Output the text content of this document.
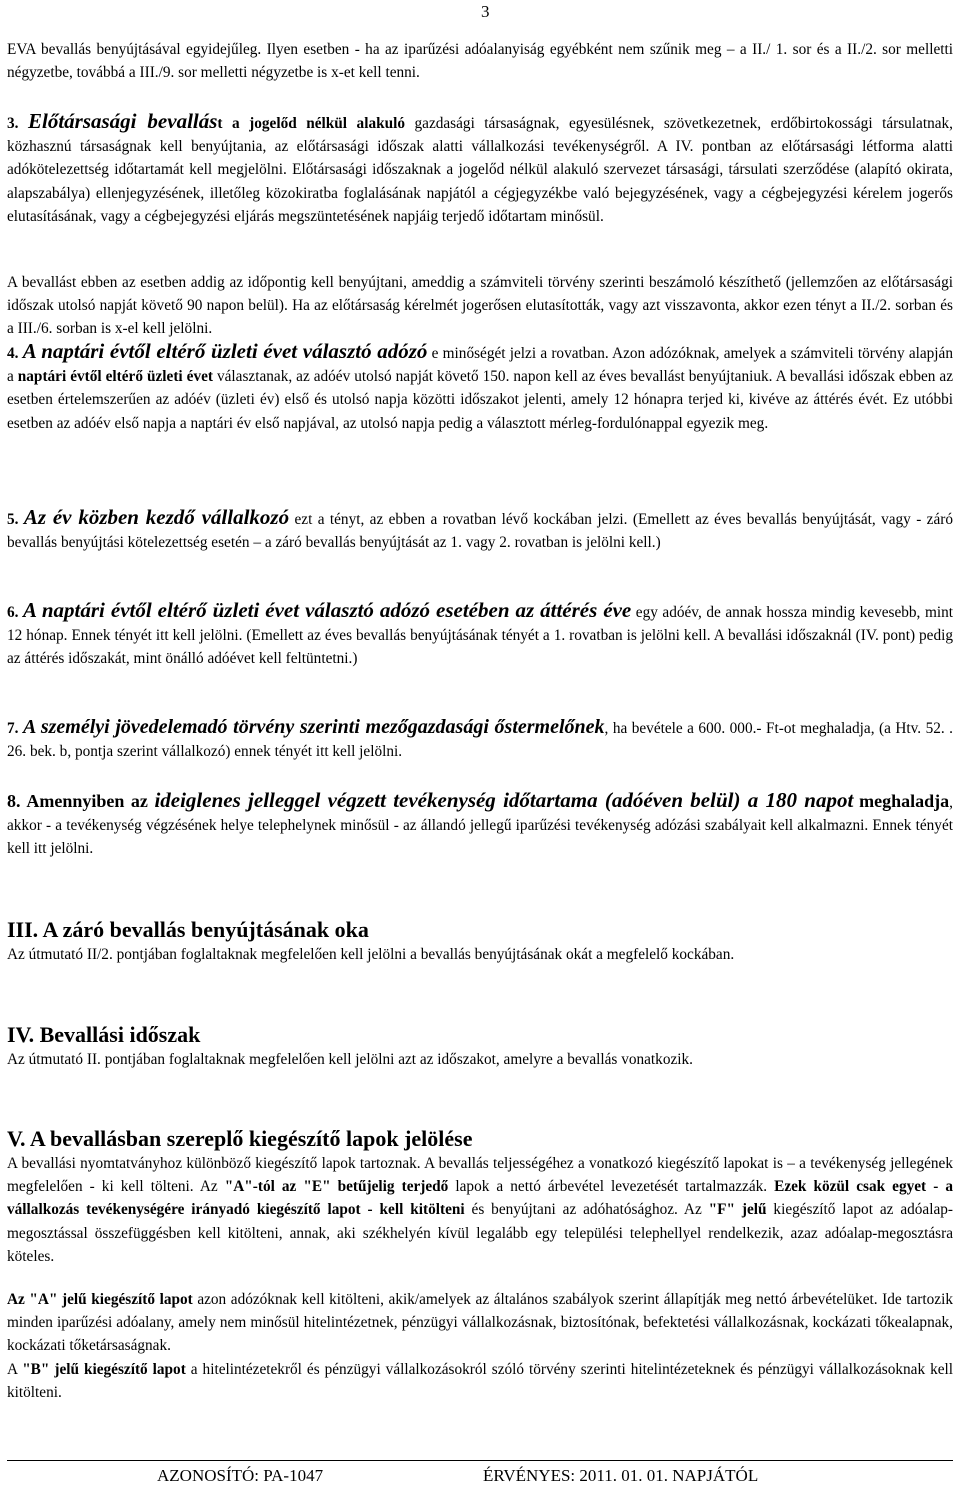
3

EVA bevallás benyújtásával egyidejűleg. Ilyen esetben - ha az iparűzési adóalanyiság egyébként nem szűnik meg – a II./ 1. sor és a II./2. sor melletti négyzetbe, továbbá a III./9. sor melletti négyzetbe is x-et kell tenni.

3. Előtársasági bevallást a jogelőd nélkül alakuló gazdasági társaságnak, egyesülésnek, szövetkezetnek, erdőbirtokossági társulatnak, közhasznú társaságnak kell benyújtania, az előtársasági időszak alatti vállalkozási tevékenységről. A IV. pontban az előtársasági létforma alatti adókötelezettség időtartamát kell megjelölni. Előtársasági időszaknak a jogelőd nélkül alakuló szervezet társasági, társulati szerződése (alapító okirata, alapszabálya) ellenjegyzésének, illetőleg közokiratba foglalásának napjától a cégjegyzékbe való bejegyzésének, vagy a cégbejegyzési kérelem jogerős elutasításának, vagy a cégbejegyzési eljárás megszüntetésének napjáig terjedő időtartam minősül.

A bevallást ebben az esetben addig az időpontig kell benyújtani, ameddig a számviteli törvény szerinti beszámoló készíthető (jellemzően az előtársasági időszak utolsó napját követő 90 napon belül). Ha az előtársaság kérelmét jogerősen elutasították, vagy azt visszavonta, akkor ezen tényt a II./2. sorban és a III./6. sorban is x-el kell jelölni.

4. A naptári évtől eltérő üzleti évet választó adózó e minőségét jelzi a rovatban. Azon adózóknak, amelyek a számviteli törvény alapján a naptári évtől eltérő üzleti évet választanak, az adóév utolsó napját követő 150. napon kell az éves bevallást benyújtaniuk. A bevallási időszak ebben az esetben értelemszerűen az adóév (üzleti év) első és utolsó napja közötti időszakot jelenti, amely 12 hónapra terjed ki, kivéve az áttérés évét. Ez utóbbi esetben az adóév első napja a naptári év első napjával, az utolsó napja pedig a választott mérleg-fordulónappal egyezik meg.

5. Az év közben kezdő vállalkozó ezt a tényt, az ebben a rovatban lévő kockában jelzi. (Emellett az éves bevallás benyújtását, vagy - záró bevallás benyújtási kötelezettség esetén – a záró bevallás benyújtását az 1. vagy 2. rovatban is jelölni kell.)

6. A naptári évtől eltérő üzleti évet választó adózó esetében az áttérés éve egy adóév, de annak hossza mindig kevesebb, mint 12 hónap. Ennek tényét itt kell jelölni. (Emellett az éves bevallás benyújtásának tényét a 1. rovatban is jelölni kell. A bevallási időszaknál (IV. pont) pedig az áttérés időszakát, mint önálló adóévet kell feltüntetni.)

7. A személyi jövedelemadó törvény szerinti mezőgazdasági őstermelőnek, ha bevétele a 600. 000.- Ft-ot meghaladja, (a Htv. 52. . 26. bek. b, pontja szerint vállalkozó) ennek tényét itt kell jelölni.

8. Amennyiben az ideiglenes jelleggel végzett tevékenység időtartama (adóéven belül) a 180 napot meghaladja, akkor - a tevékenység végzésének helye telephelynek minősül - az állandó jellegű iparűzési tevékenység adózási szabályait kell alkalmazni. Ennek tényét kell itt jelölni.

III. A záró bevallás benyújtásának oka

Az útmutató II/2. pontjában foglaltaknak megfelelően kell jelölni a bevallás benyújtásának okát a megfelelő kockában.

IV. Bevallási időszak

Az útmutató II. pontjában foglaltaknak megfelelően kell jelölni azt az időszakot, amelyre a bevallás vonatkozik.

V. A bevallásban szereplő kiegészítő lapok jelölése

A bevallási nyomtatványhoz különböző kiegészítő lapok tartoznak. A bevallás teljességéhez a vonatkozó kiegészítő lapokat is – a tevékenység jellegének megfelelően - ki kell tölteni. Az "A"-tól az "E" betűjelig terjedő lapok a nettó árbevétel levezetését tartalmazzák. Ezek közül csak egyet - a vállalkozás tevékenységére irányadó kiegészítő lapot - kell kitölteni és benyújtani az adóhatósághoz. Az "F" jelű kiegészítő lapot az adóalap-megosztással összefüggésben kell kitölteni, annak, aki székhelyén kívül legalább egy települési telephellyel rendelkezik, azaz adóalap-megosztásra köteles.

Az "A" jelű kiegészítő lapot azon adózóknak kell kitölteni, akik/amelyek az általános szabályok szerint állapítják meg nettó árbevételüket. Ide tartozik minden iparűzési adóalany, amely nem minősül hitelintézetnek, pénzügyi vállalkozásnak, biztosítónak, befektetési vállalkozásnak, kockázati tőkealapnak, kockázati tőketársaságnak.

A "B" jelű kiegészítő lapot a hitelintézetekről és pénzügyi vállalkozásokról szóló törvény szerinti hitelintézeteknek és pénzügyi vállalkozásoknak kell kitölteni.

AZONOSÍTÓ: PA-1047	ÉRVÉNYES: 2011. 01. 01. NAPJÁTÓL
